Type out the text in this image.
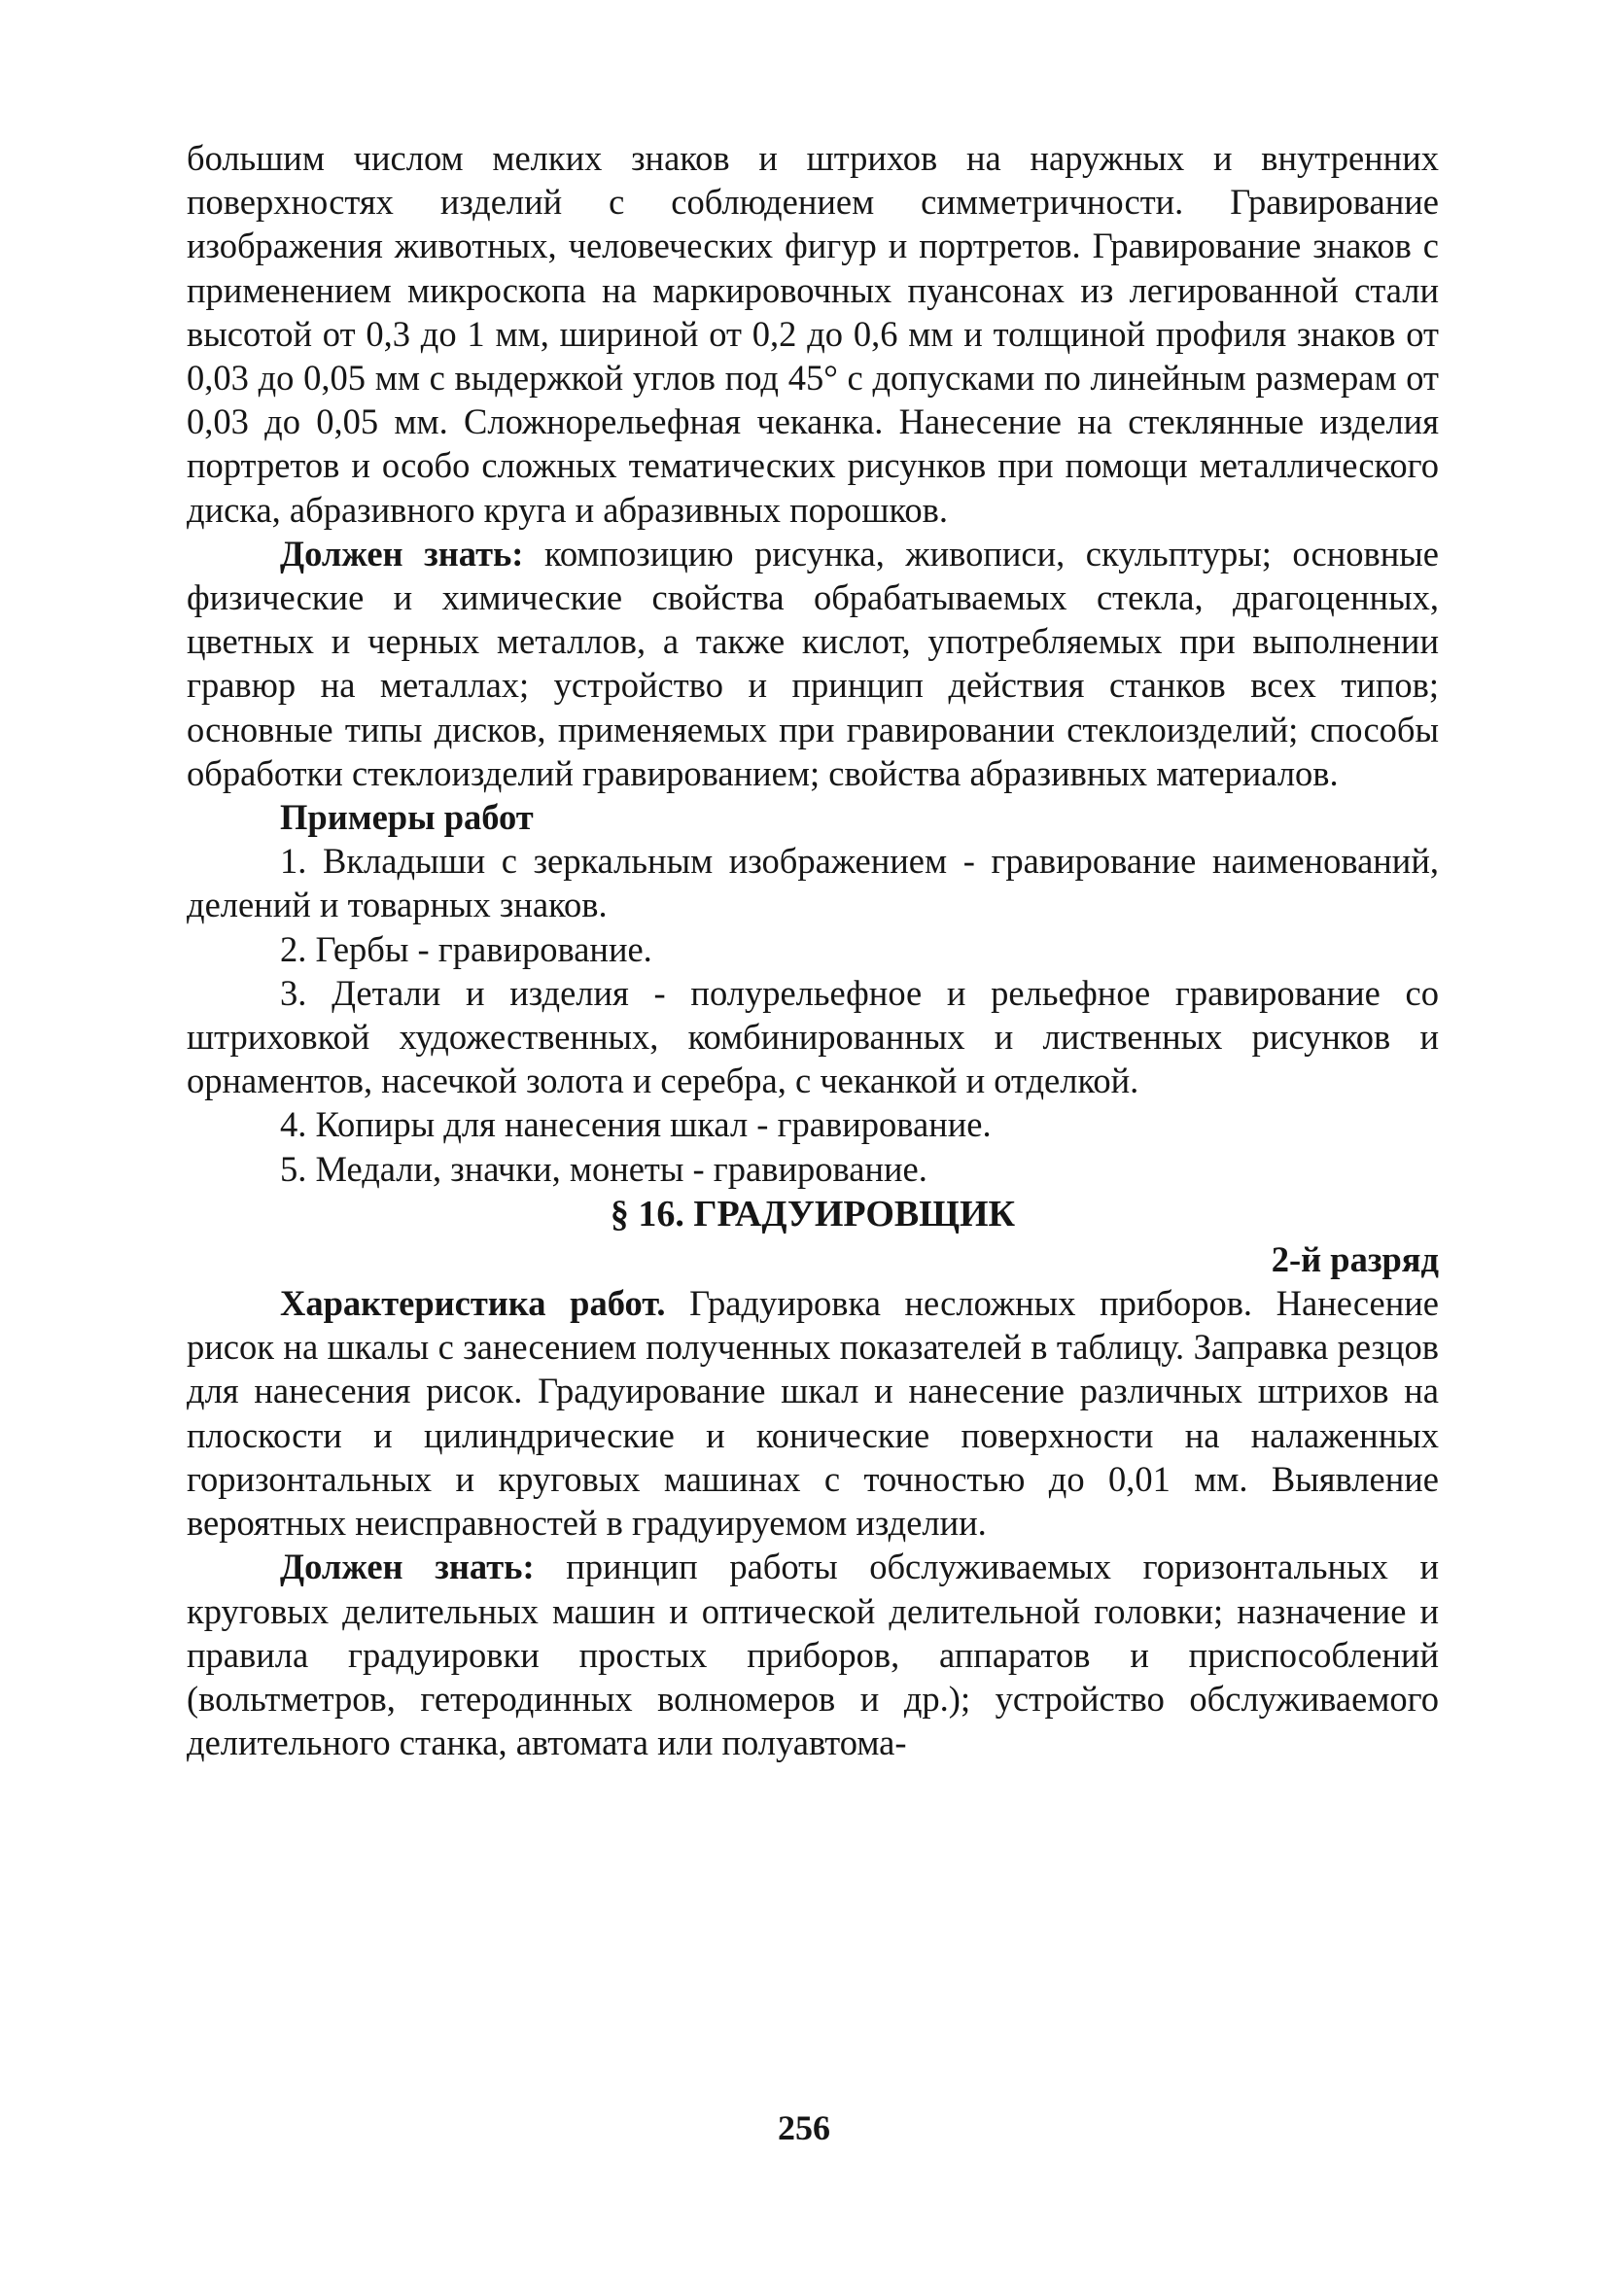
большим числом мелких знаков и штрихов на наружных и внутренних поверхностях изделий с соблюдением симметричности. Гравирование изображения животных, человеческих фигур и портретов. Гравирование знаков с применением микроскопа на маркировочных пуансонах из легированной стали высотой от 0,3 до 1 мм, шириной от 0,2 до 0,6 мм и толщиной профиля знаков от 0,03 до 0,05 мм с выдержкой углов под 45° с допусками по линейным размерам от 0,03 до 0,05 мм. Сложнорельефная чеканка. Нанесение на стеклянные изделия портретов и особо сложных тематических рисунков при помощи металлического диска, абразивного круга и абразивных порошков.

Должен знать: композицию рисунка, живописи, скульптуры; основные физические и химические свойства обрабатываемых стекла, драгоценных, цветных и черных металлов, а также кислот, употребляемых при выполнении гравюр на металлах; устройство и принцип действия станков всех типов; основные типы дисков, применяемых при гравировании стеклоизделий; способы обработки стеклоизделий гравированием; свойства абразивных материалов.

Примеры работ

1. Вкладыши с зеркальным изображением - гравирование наименований, делений и товарных знаков.

2. Гербы - гравирование.

3. Детали и изделия - полурельефное и рельефное гравирование со штриховкой художественных, комбинированных и лиственных рисунков и орнаментов, насечкой золота и серебра, с чеканкой и отделкой.

4. Копиры для нанесения шкал - гравирование.

5. Медали, значки, монеты - гравирование.

§ 16. ГРАДУИРОВЩИК

2-й разряд

Характеристика работ. Градуировка несложных приборов. Нанесение рисок на шкалы с занесением полученных показателей в таблицу. Заправка резцов для нанесения рисок. Градуирование шкал и нанесение различных штрихов на плоскости и цилиндрические и конические поверхности на налаженных горизонтальных и круговых машинах с точностью до 0,01 мм. Выявление вероятных неисправностей в градуируемом изделии.

Должен знать: принцип работы обслуживаемых горизонтальных и круговых делительных машин и оптической делительной головки; назначение и правила градуировки простых приборов, аппаратов и приспособлений (вольтметров, гетеродинных волномеров и др.); устройство обслуживаемого делительного станка, автомата или полуавтома-

256
